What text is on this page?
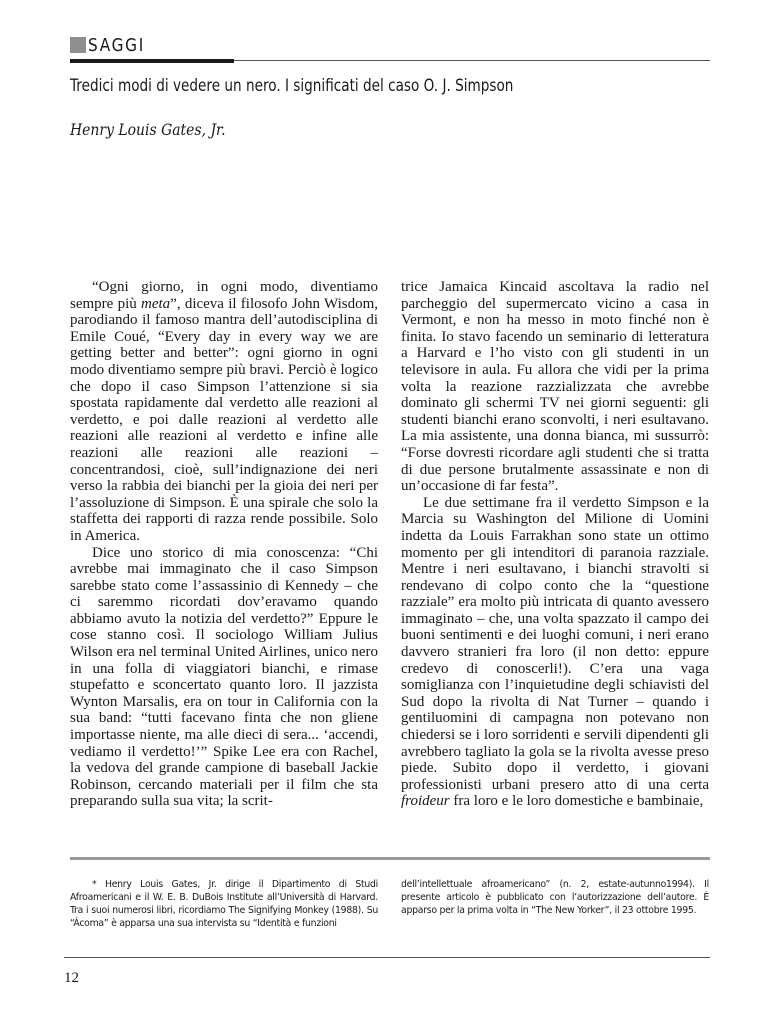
SAGGI
Tredici modi di vedere un nero. I significati del caso O. J. Simpson
Henry Louis Gates, Jr.

“Ogni giorno, in ogni modo, diventiamo sempre più meta”, diceva il filosofo John Wisdom, parodiando il famoso mantra dell’autodisciplina di Emile Coué, “Every day in every way we are getting better and better”: ogni giorno in ogni modo diventiamo sempre più bravi. Perciò è logico che dopo il caso Simpson l’attenzione si sia spostata rapidamente dal verdetto alle reazioni al verdetto, e poi dalle reazioni al verdetto alle reazioni alle reazioni al verdetto e infine alle reazioni alle reazioni alle reazioni – concentrandosi, cioè, sull’indignazione dei neri verso la rabbia dei bianchi per la gioia dei neri per l’assoluzione di Simpson. È una spirale che solo la staffetta dei rapporti di razza rende possibile. Solo in America.

Dice uno storico di mia conoscenza: “Chi avrebbe mai immaginato che il caso Simpson sarebbe stato come l’assassinio di Kennedy – che ci saremmo ricordati dov’eravamo quando abbiamo avuto la notizia del verdetto?” Eppure le cose stanno così. Il sociologo William Julius Wilson era nel terminal United Airlines, unico nero in una folla di viaggiatori bianchi, e rimase stupefatto e sconcertato quanto loro. Il jazzista Wynton Marsalis, era on tour in California con la sua band: “tutti facevano finta che non gliene importasse niente, ma alle dieci di sera... ‘accendi, vediamo il verdetto!’” Spike Lee era con Rachel, la vedova del grande campione di baseball Jackie Robinson, cercando materiali per il film che sta preparando sulla sua vita; la scrit-

trice Jamaica Kincaid ascoltava la radio nel parcheggio del supermercato vicino a casa in Vermont, e non ha messo in moto finché non è finita. Io stavo facendo un seminario di letteratura a Harvard e l’ho visto con gli studenti in un televisore in aula. Fu allora che vidi per la prima volta la reazione razzializzata che avrebbe dominato gli schermi TV nei giorni seguenti: gli studenti bianchi erano sconvolti, i neri esultavano. La mia assistente, una donna bianca, mi sussurrò: “Forse dovresti ricordare agli studenti che si tratta di due persone brutalmente assassinate e non di un’occasione di far festa”.

Le due settimane fra il verdetto Simpson e la Marcia su Washington del Milione di Uomini indetta da Louis Farrakhan sono state un ottimo momento per gli intenditori di paranoia razziale. Mentre i neri esultavano, i bianchi stravolti si rendevano di colpo conto che la “questione razziale” era molto più intricata di quanto avessero immaginato – che, una volta spazzato il campo dei buoni sentimenti e dei luoghi comuni, i neri erano davvero stranieri fra loro (il non detto: eppure credevo di conoscerli!). C’era una vaga somiglianza con l’inquietudine degli schiavisti del Sud dopo la rivolta di Nat Turner – quando i gentiluomini di campagna non potevano non chiedersi se i loro sorridenti e servili dipendenti gli avrebbero tagliato la gola se la rivolta avesse preso piede. Subito dopo il verdetto, i giovani professionisti urbani presero atto di una certa froideur fra loro e le loro domestiche e bambinaie,

* Henry Louis Gates, Jr. dirige il Dipartimento di Studi Afroamericani e il W. E. B. DuBois Institute all’Università di Harvard. Tra i suoi numerosi libri, ricordiamo The Signifying Monkey (1988). Su “Ácoma” è apparsa una sua intervista su “Identità e funzioni

dell’intellettuale afroamericano” (n. 2, estate-autunno1994). Il presente articolo è pubblicato con l’autorizzazione dell’autore. È apparso per la prima volta in “The New Yorker”, il 23 ottobre 1995.

12
